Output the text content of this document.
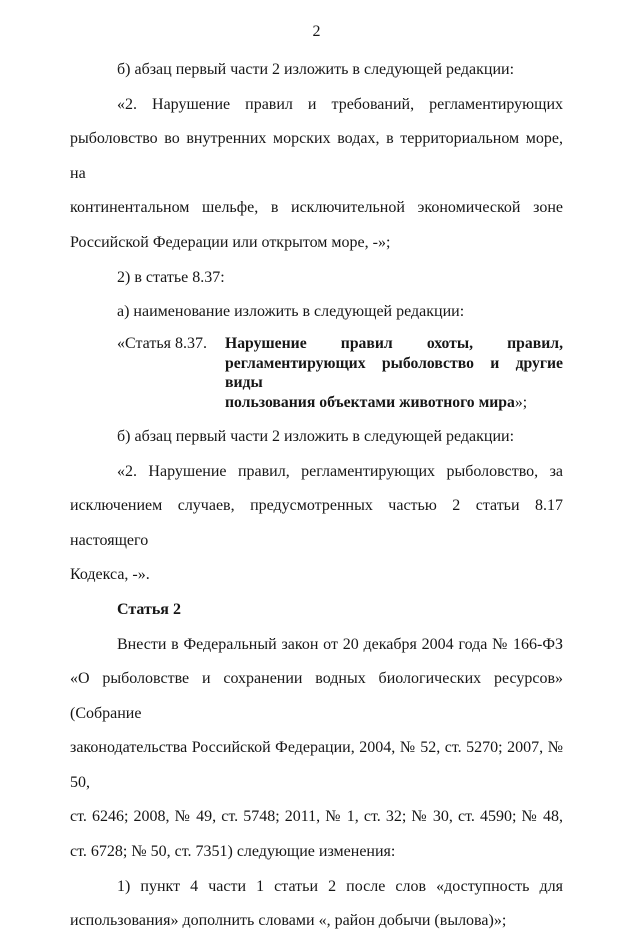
2
б) абзац первый части 2 изложить в следующей редакции:
«2. Нарушение правил и требований, регламентирующих
рыболовство во внутренних морских водах, в территориальном море, на
континентальном шельфе, в исключительной экономической зоне
Российской Федерации или открытом море, -»;
2) в статье 8.37:
а) наименование изложить в следующей редакции:
«Статья 8.37.	Нарушение правил охоты, правил,
регламентирующих рыболовство и другие виды
пользования объектами животного мира»;
б) абзац первый части 2 изложить в следующей редакции:
«2. Нарушение правил, регламентирующих рыболовство, за
исключением случаев, предусмотренных частью 2 статьи 8.17 настоящего
Кодекса, -».
Статья 2
Внести в Федеральный закон от 20 декабря 2004 года № 166-ФЗ
«О рыболовстве и сохранении водных биологических ресурсов» (Собрание
законодательства Российской Федерации, 2004, № 52, ст. 5270; 2007, № 50,
ст. 6246; 2008, № 49, ст. 5748; 2011, № 1, ст. 32; № 30, ст. 4590; № 48,
ст. 6728; № 50, ст. 7351) следующие изменения:
1) пункт 4 части 1 статьи 2 после слов «доступность для
использования» дополнить словами «, район добычи (вылова)»;
